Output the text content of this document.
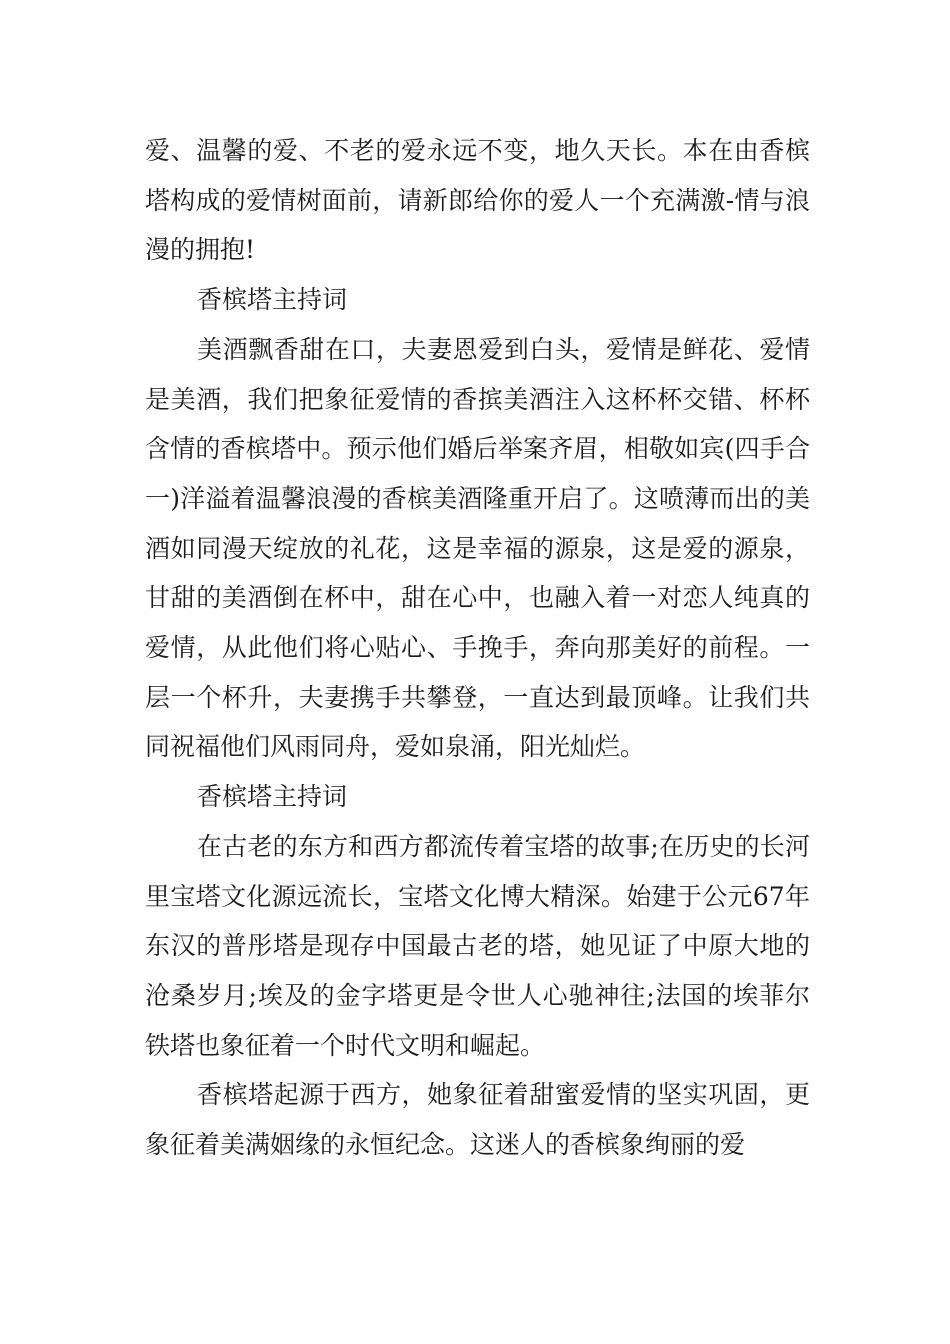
爱、温馨的爱、不老的爱永远不变，地久天长。本在由香槟塔构成的爱情树面前，请新郎给你的爱人一个充满激-情与浪漫的拥抱!

香槟塔主持词

美酒飘香甜在口，夫妻恩爱到白头，爱情是鲜花、爱情是美酒，我们把象征爱情的香摈美酒注入这杯杯交错、杯杯含情的香槟塔中。预示他们婚后举案齐眉，相敬如宾(四手合一)洋溢着温馨浪漫的香槟美酒隆重开启了。这喷薄而出的美酒如同漫天绽放的礼花，这是幸福的源泉，这是爱的源泉，甘甜的美酒倒在杯中，甜在心中，也融入着一对恋人纯真的爱情，从此他们将心贴心、手挽手，奔向那美好的前程。一层一个杯升，夫妻携手共攀登，一直达到最顶峰。让我们共同祝福他们风雨同舟，爱如泉涌，阳光灿烂。

香槟塔主持词

在古老的东方和西方都流传着宝塔的故事;在历史的长河里宝塔文化源远流长，宝塔文化博大精深。始建于公元67年东汉的普彤塔是现存中国最古老的塔，她见证了中原大地的沧桑岁月;埃及的金字塔更是令世人心驰神往;法国的埃菲尔铁塔也象征着一个时代文明和崛起。

香槟塔起源于西方，她象征着甜蜜爱情的坚实巩固，更象征着美满姻缘的永恒纪念。这迷人的香槟象绚丽的爱
